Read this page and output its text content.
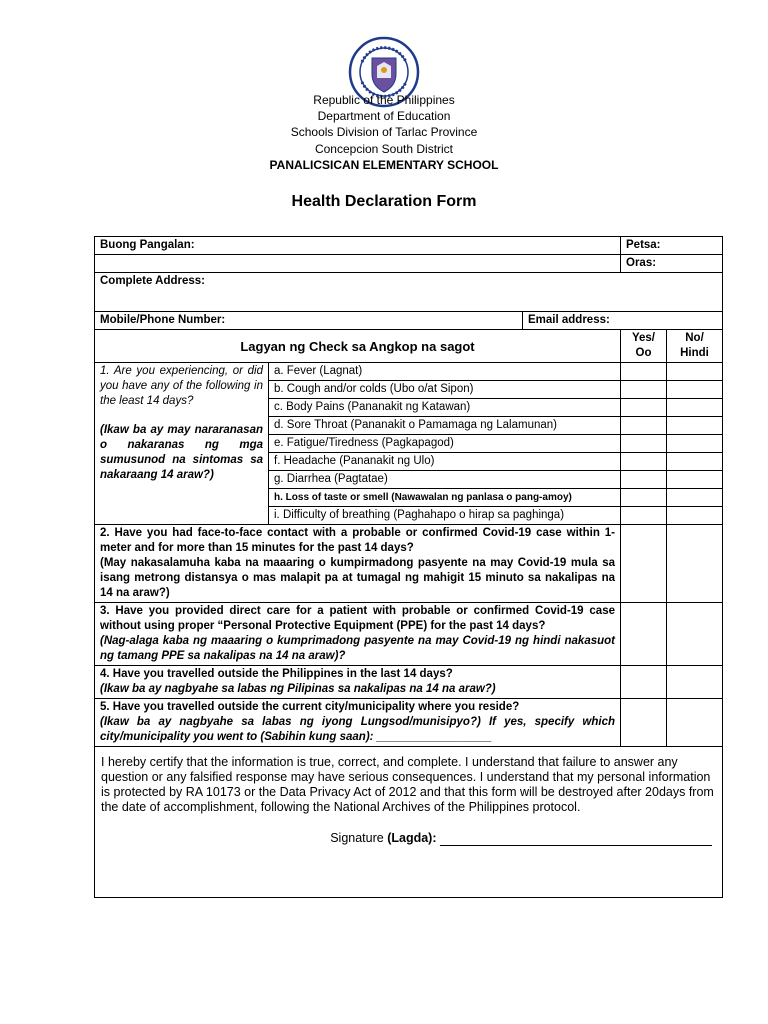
Republic of the Philippines
Department of Education
Schools Division of Tarlac Province
Concepcion South District
PANALICSICAN ELEMENTARY SCHOOL
Health Declaration Form
Buong Pangalan:			Petsa:	
			Oras:	
Complete Address:				
Mobile/Phone Number:		Email address:		
Lagyan ng Check sa Angkop na sagot			Yes/ Oo	No/ Hindi

1. Are you experiencing, or did you have any of the following in the least 14 days?
(Ikaw ba ay may nararanasan o nakaranas ng mga sumusunod na sintomas sa nakaraang 14 araw?)	a. Fever (Lagnat)			
	b. Cough and/or colds (Ubo o/at Sipon)			
	c. Body Pains (Pananakit ng Katawan)			
	d. Sore Throat (Pananakit o Pamamaga ng Lalamunan)			
	e. Fatigue/Tiredness (Pagkapagod)			
	f. Headache (Pananakit ng Ulo)			
	g. Diarrhea (Pagtatae)			
	h. Loss of taste or smell (Nawawalan ng panlasa o pang-amoy)			
	i. Difficulty of breathing (Paghahapo o hirap sa paghinga)			
2. Have you had face-to-face contact with a probable or confirmed Covid-19 case within 1-meter and for more than 15 minutes for the past 14 days?
(May nakasalamuha kaba na maaaring o kumpirmadong pasyente na may Covid-19 mula sa isang metrong distansya o mas malapit pa at tumagal ng mahigit 15 minuto sa nakalipas na 14 na araw?)				
3. Have you provided direct care for a patient with probable or confirmed Covid-19 case without using proper “Personal Protective Equipment (PPE) for the past 14 days?
(Nag-alaga kaba ng maaaring o kumprimadong pasyente na may Covid-19 ng hindi nakasuot ng tamang PPE sa nakalipas na 14 na araw)?				
4. Have you travelled outside the Philippines in the last 14 days?
(Ikaw ba ay nagbyahe sa labas ng Pilipinas sa nakalipas na 14 na araw?)				
5. Have you travelled outside the current city/municipality where you reside?
(Ikaw ba ay nagbyahe sa labas ng iyong Lungsod/munisipyo?) If yes, specify which city/municipality you went to (Sabihin kung saan): __________________				

I hereby certify that the information is true, correct, and complete. I understand that failure to answer any question or any falsified response may have serious consequences. I understand that my personal information is protected by RA 10173 or the Data Privacy Act of 2012 and that this form will be destroyed after 20days from the date of accomplishment, following the National Archives of the Philippines protocol.
Signature (Lagda):				
